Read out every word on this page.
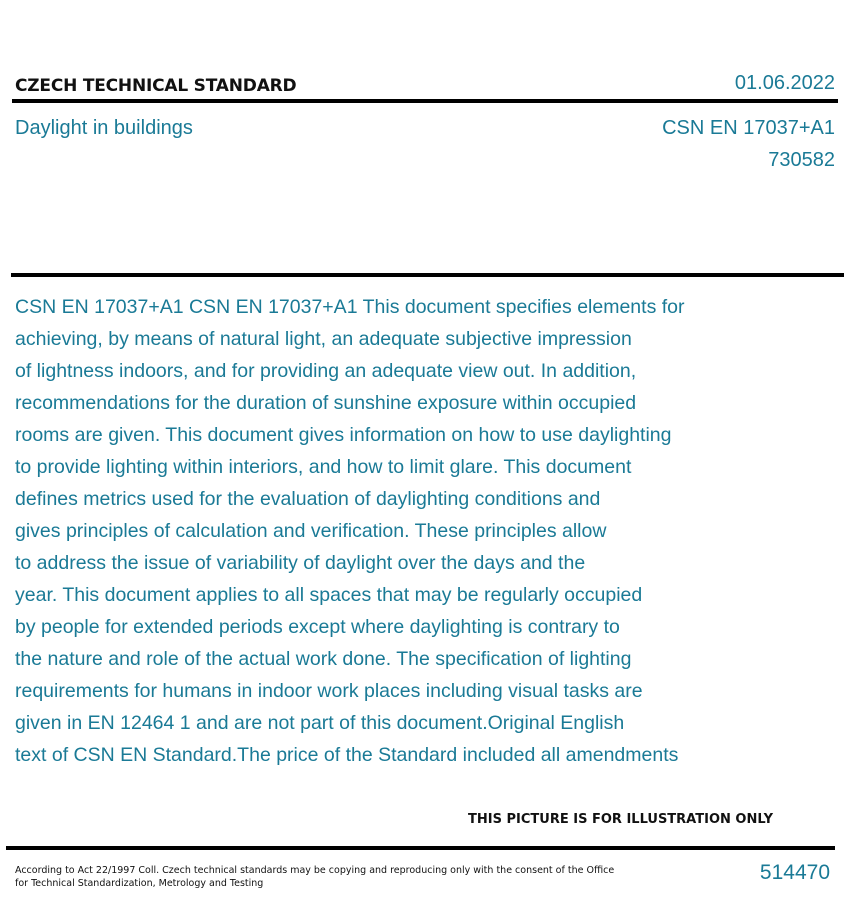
CZECH TECHNICAL STANDARD	01.06.2022
Daylight in buildings	CSN EN 17037+A1
730582
CSN EN 17037+A1 CSN EN 17037+A1 This document specifies elements for
achieving, by means of natural light, an adequate subjective impression
of lightness indoors, and for providing an adequate view out. In addition,
recommendations for the duration of sunshine exposure within occupied
rooms are given. This document gives information on how to use daylighting
to provide lighting within interiors, and how to limit glare. This document
defines metrics used for the evaluation of daylighting conditions and
gives principles of calculation and verification. These principles allow
to address the issue of variability of daylight over the days and the
year. This document applies to all spaces that may be regularly occupied
by people for extended periods except where daylighting is contrary to
the nature and role of the actual work done. The specification of lighting
requirements for humans in indoor work places including visual tasks are
given in EN 12464 1 and are not part of this document.Original English
text of CSN EN Standard.The price of the Standard included all amendments
THIS PICTURE IS FOR ILLUSTRATION ONLY
According to Act 22/1997 Coll. Czech technical standards may be copying and reproducing only with the consent of the Office
for Technical Standardization, Metrology and Testing	514470
